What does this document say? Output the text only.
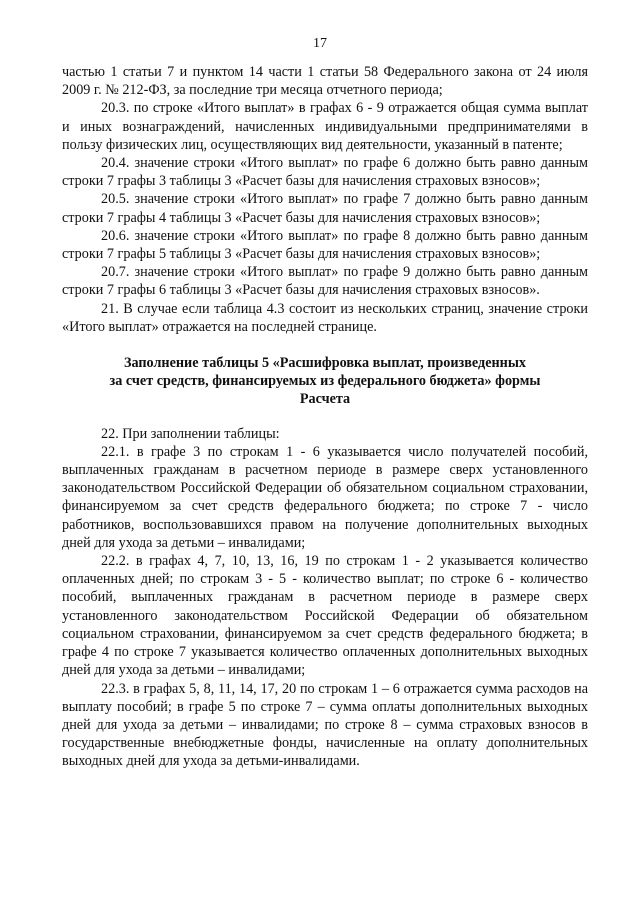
17

частью 1 статьи 7 и пунктом 14 части 1 статьи 58 Федерального закона от 24 июля 2009 г. № 212-ФЗ, за последние три месяца отчетного периода;

20.3. по строке «Итого выплат» в графах 6 - 9 отражается общая сумма выплат и иных вознаграждений, начисленных индивидуальными предпринимателями в пользу физических лиц, осуществляющих вид деятельности, указанный в патенте;

20.4. значение строки «Итого выплат» по графе 6 должно быть равно данным строки 7 графы 3 таблицы 3 «Расчет базы для начисления страховых взносов»;

20.5. значение строки «Итого выплат» по графе 7 должно быть равно данным строки 7 графы 4 таблицы 3 «Расчет базы для начисления страховых взносов»;

20.6. значение строки «Итого выплат» по графе 8 должно быть равно данным строки 7 графы 5 таблицы 3 «Расчет базы для начисления страховых взносов»;

20.7. значение строки «Итого выплат» по графе 9 должно быть равно данным строки 7 графы 6 таблицы 3 «Расчет базы для начисления страховых взносов».

21. В случае если таблица 4.3 состоит из нескольких страниц, значение строки «Итого выплат» отражается на последней странице.

Заполнение таблицы 5 «Расшифровка выплат, произведенных
за счет средств, финансируемых из федерального бюджета» формы
Расчета

22. При заполнении таблицы:

22.1. в графе 3 по строкам 1 - 6 указывается число получателей пособий, выплаченных гражданам в расчетном периоде в размере сверх установленного законодательством Российской Федерации об обязательном социальном страховании, финансируемом за счет средств федерального бюджета; по строке 7 - число работников, воспользовавшихся правом на получение дополнительных выходных дней для ухода за детьми – инвалидами;

22.2. в графах 4, 7, 10, 13, 16, 19 по строкам 1 - 2 указывается количество оплаченных дней; по строкам 3 - 5 - количество выплат; по строке 6 - количество пособий, выплаченных гражданам в расчетном периоде в размере сверх установленного законодательством Российской Федерации об обязательном социальном страховании, финансируемом за счет средств федерального бюджета; в графе 4 по строке 7 указывается количество оплаченных дополнительных выходных дней для ухода за детьми – инвалидами;

22.3. в графах 5, 8, 11, 14, 17, 20 по строкам 1 – 6 отражается сумма расходов на выплату пособий; в графе 5 по строке 7 – сумма оплаты дополнительных выходных дней для ухода за детьми – инвалидами; по строке 8 – сумма страховых взносов в государственные внебюджетные фонды, начисленные на оплату дополнительных выходных дней для ухода за детьми-инвалидами.
